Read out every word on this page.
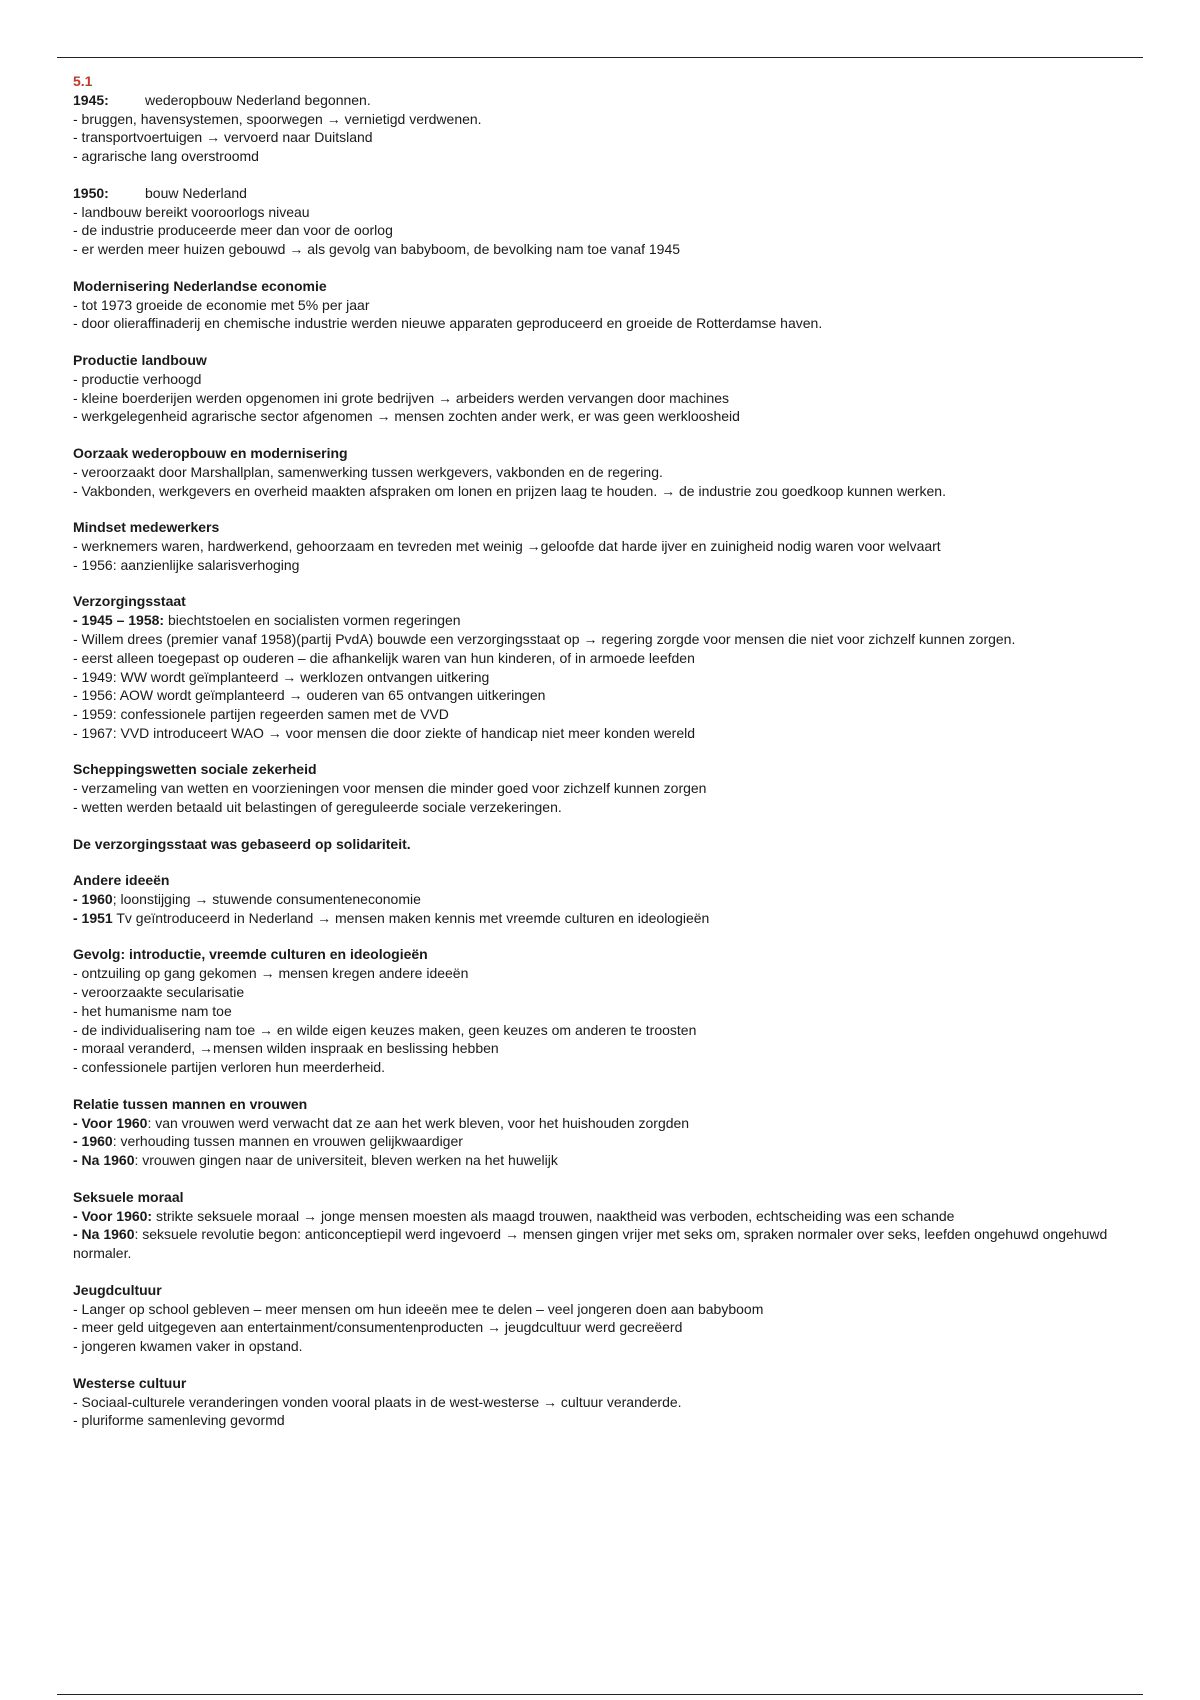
5.1
1945:	wederopbouw Nederland begonnen.
- bruggen, havensystemen, spoorwegen → vernietigd verdwenen.
- transportvoertuigen → vervoerd naar Duitsland
- agrarische lang overstroomd
1950:	bouw Nederland
- landbouw bereikt vooroorlogs niveau
- de industrie produceerde meer dan voor de oorlog
- er werden meer huizen gebouwd → als gevolg van babyboom, de bevolking nam toe vanaf 1945
Modernisering Nederlandse economie
- tot 1973 groeide de economie met 5% per jaar
- door olieraffinaderij en chemische industrie werden nieuwe apparaten geproduceerd en groeide de Rotterdamse haven.
Productie landbouw
- productie verhoogd
- kleine boerderijen werden opgenomen ini grote bedrijven → arbeiders werden vervangen door machines
- werkgelegenheid agrarische sector afgenomen → mensen zochten ander werk, er was geen werkloosheid
Oorzaak wederopbouw en modernisering
- veroorzaakt door Marshallplan, samenwerking tussen werkgevers, vakbonden en de regering.
- Vakbonden, werkgevers en overheid maakten afspraken om lonen en prijzen laag te houden. → de industrie zou goedkoop kunnen werken.
Mindset medewerkers
- werknemers waren, hardwerkend, gehoorzaam en tevreden met weinig →geloofde dat harde ijver en zuinigheid nodig waren voor welvaart
- 1956: aanzienlijke salarisverhoging
Verzorgingsstaat
- 1945 – 1958: biechtstoelen en socialisten vormen regeringen
- Willem drees (premier vanaf 1958)(partij PvdA) bouwde een verzorgingsstaat op → regering zorgde voor mensen die niet voor zichzelf kunnen zorgen.
- eerst alleen toegepast op ouderen – die afhankelijk waren van hun kinderen, of in armoede leefden
- 1949: WW wordt geïmplanteerd → werklozen ontvangen uitkering
- 1956: AOW wordt geïmplanteerd → ouderen van 65 ontvangen uitkeringen
- 1959: confessionele partijen regeerden samen met de VVD
- 1967: VVD introduceert WAO → voor mensen die door ziekte of handicap niet meer konden wereld
Scheppingswetten sociale zekerheid
- verzameling van wetten en voorzieningen voor mensen die minder goed voor zichzelf kunnen zorgen
- wetten werden betaald uit belastingen of gereguleerde sociale verzekeringen.
De verzorgingsstaat was gebaseerd op solidariteit.
Andere ideeën
- 1960; loonstijging → stuwende consumenteneconomie
- 1951 Tv geïntroduceerd in Nederland → mensen maken kennis met vreemde culturen en ideologieën
Gevolg: introductie, vreemde culturen en ideologieën
- ontzuiling op gang gekomen → mensen kregen andere ideeën
- veroorzaakte secularisatie
- het humanisme nam toe
- de individualisering nam toe → en wilde eigen keuzes maken, geen keuzes om anderen te troosten
- moraal veranderd, →mensen wilden inspraak en beslissing hebben
- confessionele partijen verloren hun meerderheid.
Relatie tussen mannen en vrouwen
- Voor 1960: van vrouwen werd verwacht dat ze aan het werk bleven, voor het huishouden zorgden
- 1960: verhouding tussen mannen en vrouwen gelijkwaardiger
- Na 1960: vrouwen gingen naar de universiteit, bleven werken na het huwelijk
Seksuele moraal
- Voor 1960: strikte seksuele moraal → jonge mensen moesten als maagd trouwen, naaktheid was verboden, echtscheiding was een schande
- Na 1960: seksuele revolutie begon: anticonceptiepil werd ingevoerd → mensen gingen vrijer met seks om, spraken normaler over seks, leefden ongehuwd ongehuwd normaler.
Jeugdcultuur
- Langer op school gebleven – meer mensen om hun ideeën mee te delen – veel jongeren doen aan babyboom
- meer geld uitgegeven aan entertainment/consumentenproducten → jeugdcultuur werd gecreëerd
- jongeren kwamen vaker in opstand.
Westerse cultuur
- Sociaal-culturele veranderingen vonden vooral plaats in de west-westerse → cultuur veranderde.
- pluriforme samenleving gevormd
